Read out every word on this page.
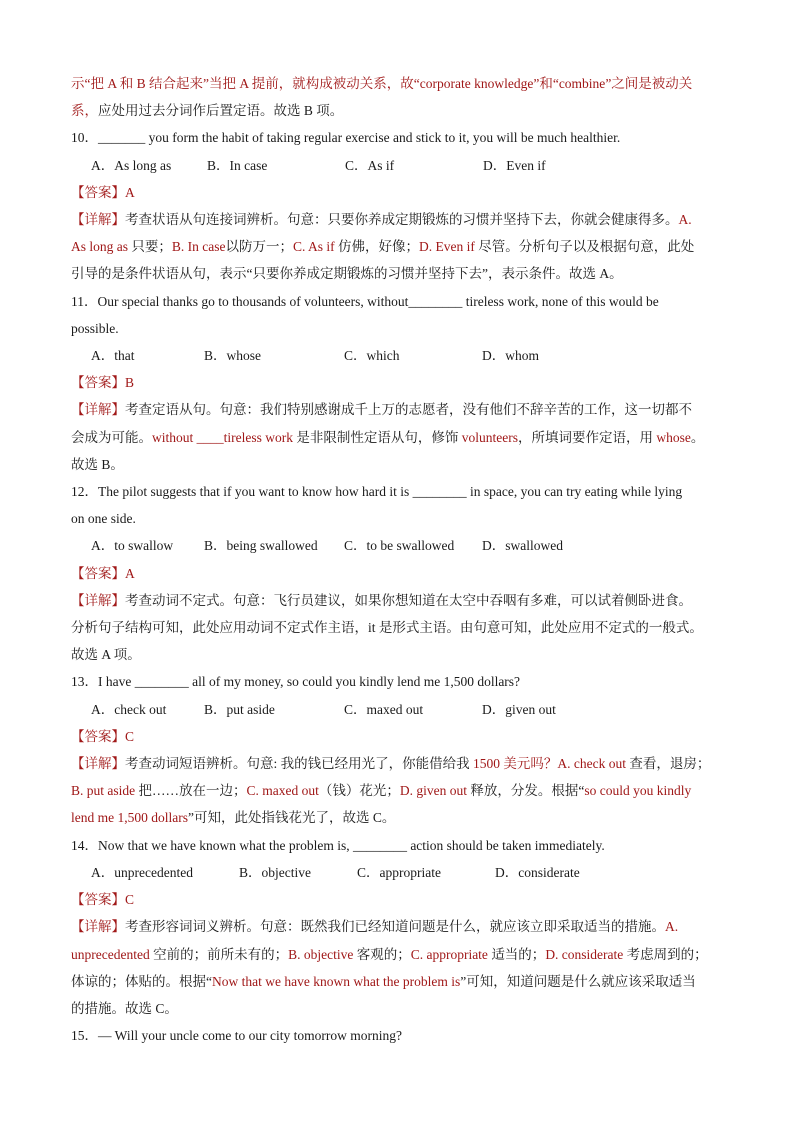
示“把 A 和 B 结合起来”当把 A 提前，就构成被动关系，故“corporate knowledge”和“combine”之间是被动关
系，应处用过去分词作后置定语。故选 B 项。
10．_______ you form the habit of taking regular exercise and stick to it, you will be much healthier.
A．As long as	B．In case	C．As if	D．Even if
【答案】A
【详解】考查状语从句连接词辨析。句意：只要你养成定期锻炼的习惯并坚持下去，你就会健康得多。A.
As long as 只要；B. In case以防万一；C. As if 仿佛，好像；D. Even if 尽管。分析句子以及根据句意，此处
引导的是条件状语从句，表示“只要你养成定期锻炼的习惯并坚持下去”，表示条件。故选 A。
11．Our special thanks go to thousands of volunteers, without________ tireless work, none of this would be
possible.
A．that	B．whose	C．which	D．whom
【答案】B
【详解】考查定语从句。句意：我们特别感谢成千上万的志愿者，没有他们不辞辛苦的工作，这一切都不
会成为可能。without ____tireless work 是非限制性定语从句，修饰 volunteers，所填词要作定语，用 whose。
故选 B。
12．The pilot suggests that if you want to know how hard it is ________ in space, you can try eating while lying
on one side.
A．to swallow	B．being swallowed	C．to be swallowed	D．swallowed
【答案】A
【详解】考查动词不定式。句意：飞行员建议，如果你想知道在太空中吞咽有多难，可以试着侧卧进食。
分析句子结构可知，此处应用动词不定式作主语，it 是形式主语。由句意可知，此处应用不定式的一般式。
故选 A 项。
13．I have ________ all of my money, so could you kindly lend me 1,500 dollars?
A．check out	B．put aside	C．maxed out	D．given out
【答案】C
【详解】考查动词短语辨析。句意: 我的钱已经用光了，你能借给我 1500 美元吗？A. check out 查看，退房；
B. put aside 把……放在一边；C. maxed out（钱）花光；D. given out 释放，分发。根据“so could you kindly
lend me 1,500 dollars”可知，此处指钱花光了，故选 C。
14．Now that we have known what the problem is, ________ action should be taken immediately.
A．unprecedented	B．objective	C．appropriate	D．considerate
【答案】C
【详解】考查形容词词义辨析。句意：既然我们已经知道问题是什么，就应该立即采取适当的措施。A.
unprecedented 空前的；前所未有的；B. objective 客观的；C. appropriate 适当的；D. considerate 考虑周到的；
体谅的；体贴的。根据“Now that we have known what the problem is”可知，知道问题是什么就应该采取适当
的措施。故选 C。
15．— Will your uncle come to our city tomorrow morning?
